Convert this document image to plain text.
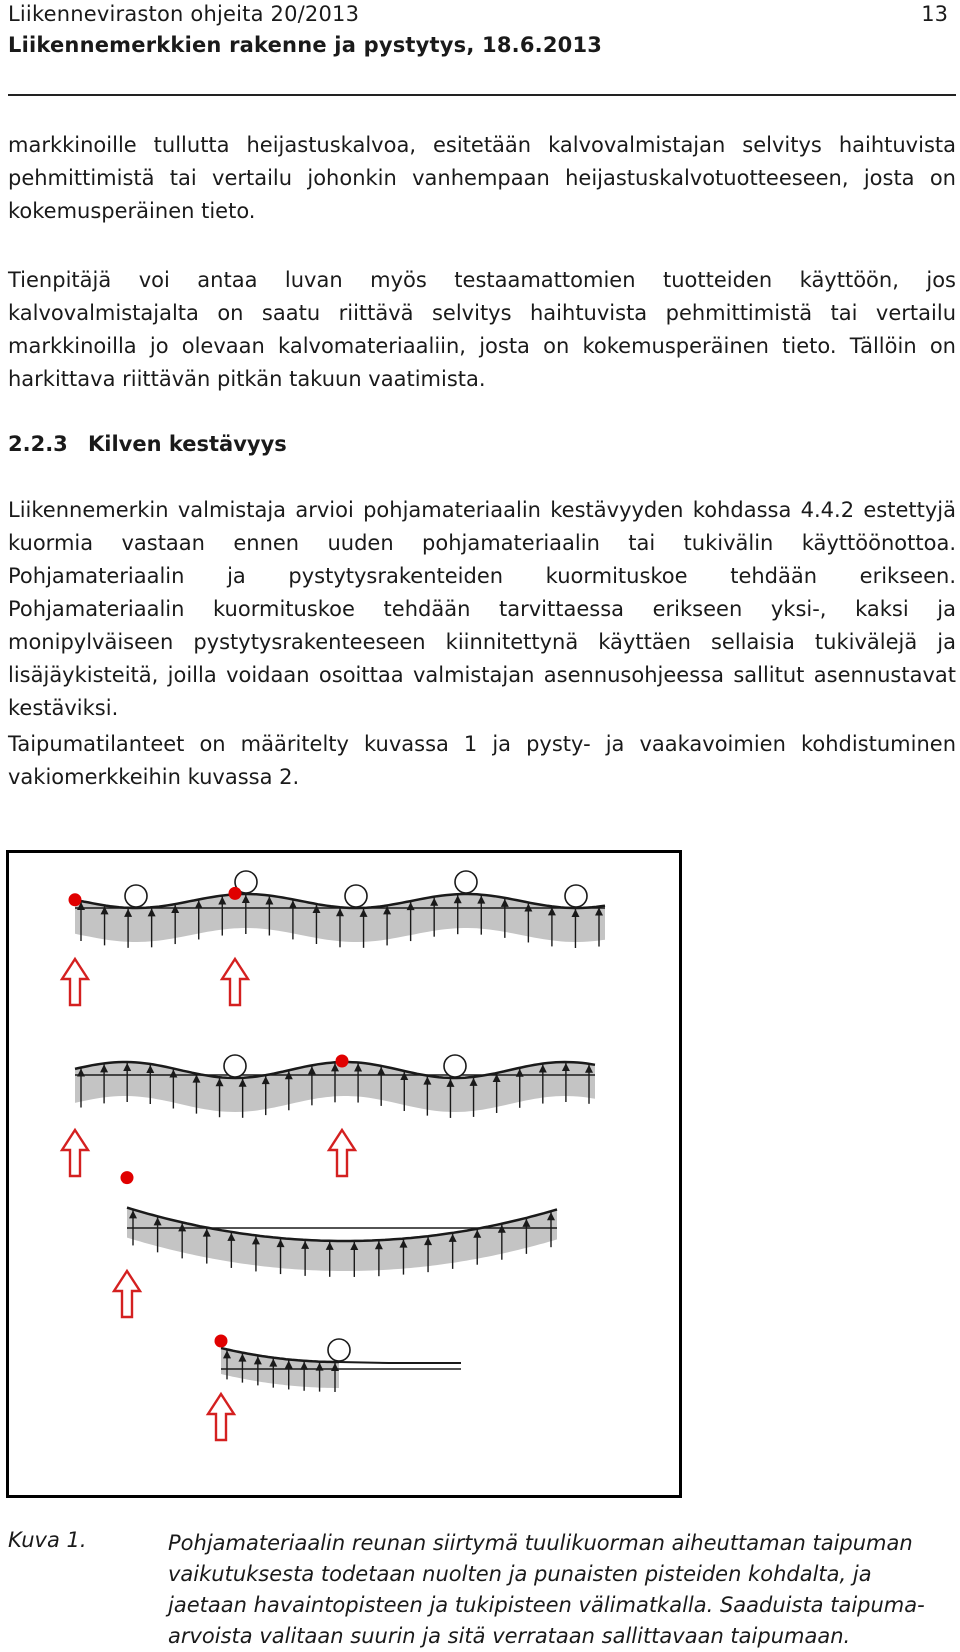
Liikenneviraston ohjeita 20/2013
Liikennemerkkien rakenne ja pystytys, 18.6.2013
13

markkinoille tullutta heijastuskalvoa, esitetään kalvovalmistajan selvitys haihtuvista pehmittimistä tai vertailu johonkin vanhempaan heijastuskalvotuotteeseen, josta on kokemusperäinen tieto.

Tienpitäjä voi antaa luvan myös testaamattomien tuotteiden käyttöön, jos kalvovalmistajalta on saatu riittävä selvitys haihtuvista pehmittimistä tai vertailu markkinoilla jo olevaan kalvomateriaaliin, josta on kokemusperäinen tieto. Tällöin on harkittava riittävän pitkän takuun vaatimista.

2.2.3 Kilven kestävyys

Liikennemerkin valmistaja arvioi pohjamateriaalin kestävyyden kohdassa 4.4.2 estettyjä kuormia vastaan ennen uuden pohjamateriaalin tai tukivälin käyttöönottoa. Pohjamateriaalin ja pystytysrakenteiden kuormituskoe tehdään erikseen. Pohjamateriaalin kuormituskoe tehdään tarvittaessa erikseen yksi-, kaksi ja monipylväiseen pystytysrakenteeseen kiinnitettynä käyttäen sellaisia tukivälejä ja lisäjäykisteitä, joilla voidaan osoittaa valmistajan asennusohjeessa sallitut asennustavat kestäviksi.

Taipumatilanteet on määritelty kuvassa 1 ja pysty- ja vaakavoimien kohdistuminen vakiomerkkeihin kuvassa 2.

Kuva 1.	Pohjamateriaalin reunan siirtymä tuulikuorman aiheuttaman taipuman vaikutuksesta todetaan nuolten ja punaisten pisteiden kohdalta, ja jaetaan havaintopisteen ja tukipisteen välimatkalla. Saaduista taipuma-arvoista valitaan suurin ja sitä verrataan sallittavaan taipumaan.
